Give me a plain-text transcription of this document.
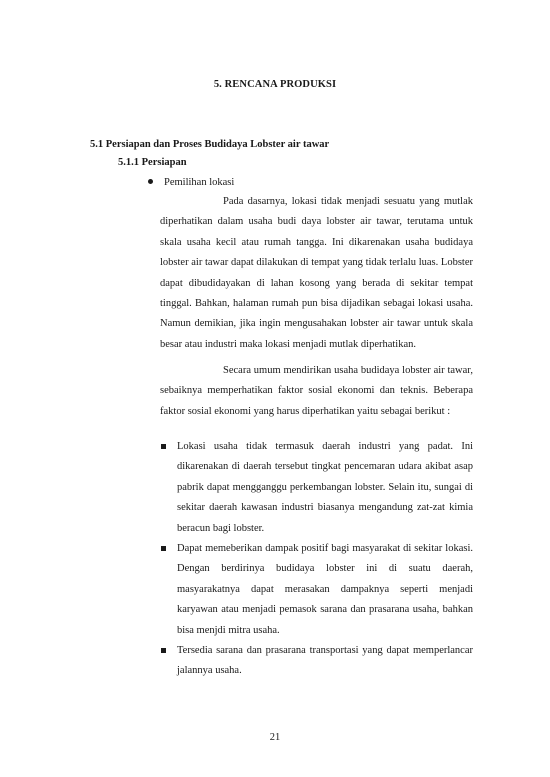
5. RENCANA PRODUKSI
5.1 Persiapan dan Proses Budidaya Lobster air tawar
5.1.1 Persiapan
Pemilihan lokasi

Pada dasarnya, lokasi tidak menjadi sesuatu yang mutlak diperhatikan dalam usaha budi daya lobster air tawar, terutama untuk skala usaha kecil atau rumah tangga. Ini dikarenakan usaha budidaya lobster air tawar dapat dilakukan di tempat yang tidak terlalu luas. Lobster dapat dibudidayakan di lahan kosong yang berada di sekitar tempat tinggal. Bahkan, halaman rumah pun bisa dijadikan sebagai lokasi usaha. Namun demikian, jika ingin mengusahakan lobster air tawar untuk skala besar atau industri maka lokasi menjadi mutlak diperhatikan.

Secara umum mendirikan usaha budidaya lobster air tawar, sebaiknya memperhatikan faktor sosial ekonomi dan teknis. Beberapa faktor sosial ekonomi yang harus diperhatikan yaitu sebagai berikut :

Lokasi usaha tidak termasuk daerah industri yang padat. Ini dikarenakan di daerah tersebut tingkat pencemaran udara akibat asap pabrik dapat mengganggu perkembangan lobster. Selain itu, sungai di sekitar daerah kawasan industri biasanya mengandung zat-zat kimia beracun bagi lobster.
Dapat memeberikan dampak positif bagi masyarakat di sekitar lokasi. Dengan berdirinya budidaya lobster ini di suatu daerah, masyarakatnya dapat merasakan dampaknya seperti menjadi karyawan atau menjadi pemasok sarana dan prasarana usaha, bahkan bisa menjdi mitra usaha.
Tersedia sarana dan prasarana transportasi yang dapat memperlancar jalannya usaha.
21
